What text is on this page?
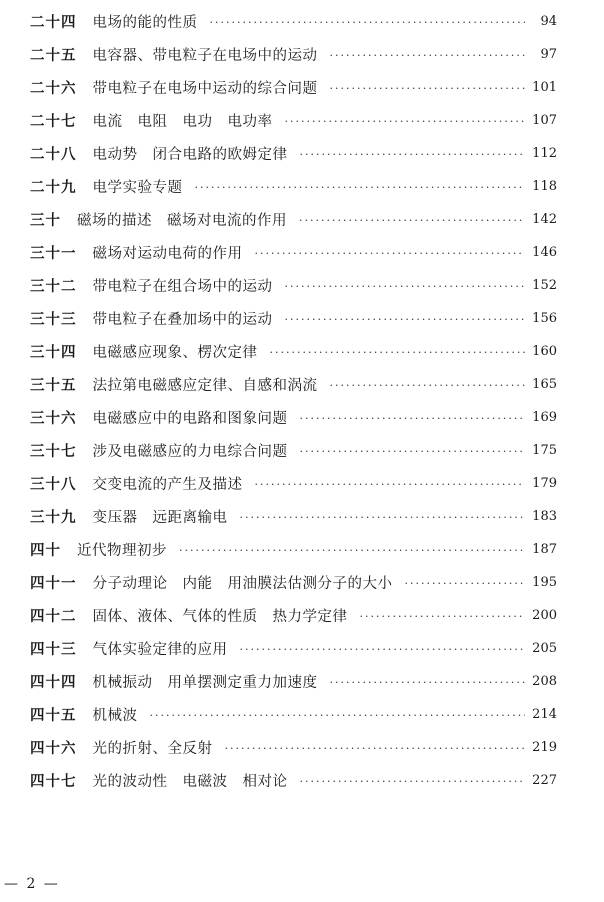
二十四 电场的能的性质 ·····	94
二十五 电容器、带电粒子在电场中的运动 ·····	97
二十六 带电粒子在电场中运动的综合问题 ·····	101
二十七 电流　电阻　电功　电功率 ·····	107
二十八 电动势　闭合电路的欧姆定律 ·····	112
二十九 电学实验专题 ·····	118
三十 磁场的描述　磁场对电流的作用 ·····	142
三十一 磁场对运动电荷的作用 ·····	146
三十二 带电粒子在组合场中的运动 ·····	152
三十三 带电粒子在叠加场中的运动 ·····	156
三十四 电磁感应现象、楞次定律 ·····	160
三十五 法拉第电磁感应定律、自感和涡流 ·····	165
三十六 电磁感应中的电路和图象问题 ·····	169
三十七 涉及电磁感应的力电综合问题 ·····	175
三十八 交变电流的产生及描述 ·····	179
三十九 变压器　远距离输电 ·····	183
四十 近代物理初步 ·····	187
四十一 分子动理论　内能　用油膜法估测分子的大小 ·····	195
四十二 固体、液体、气体的性质　热力学定律 ·····	200
四十三 气体实验定律的应用 ·····	205
四十四 机械振动　用单摆测定重力加速度 ·····	208
四十五 机械波 ·····	214
四十六 光的折射、全反射 ·····	219
四十七 光的波动性　电磁波　相对论 ·····	227
— 2 —
